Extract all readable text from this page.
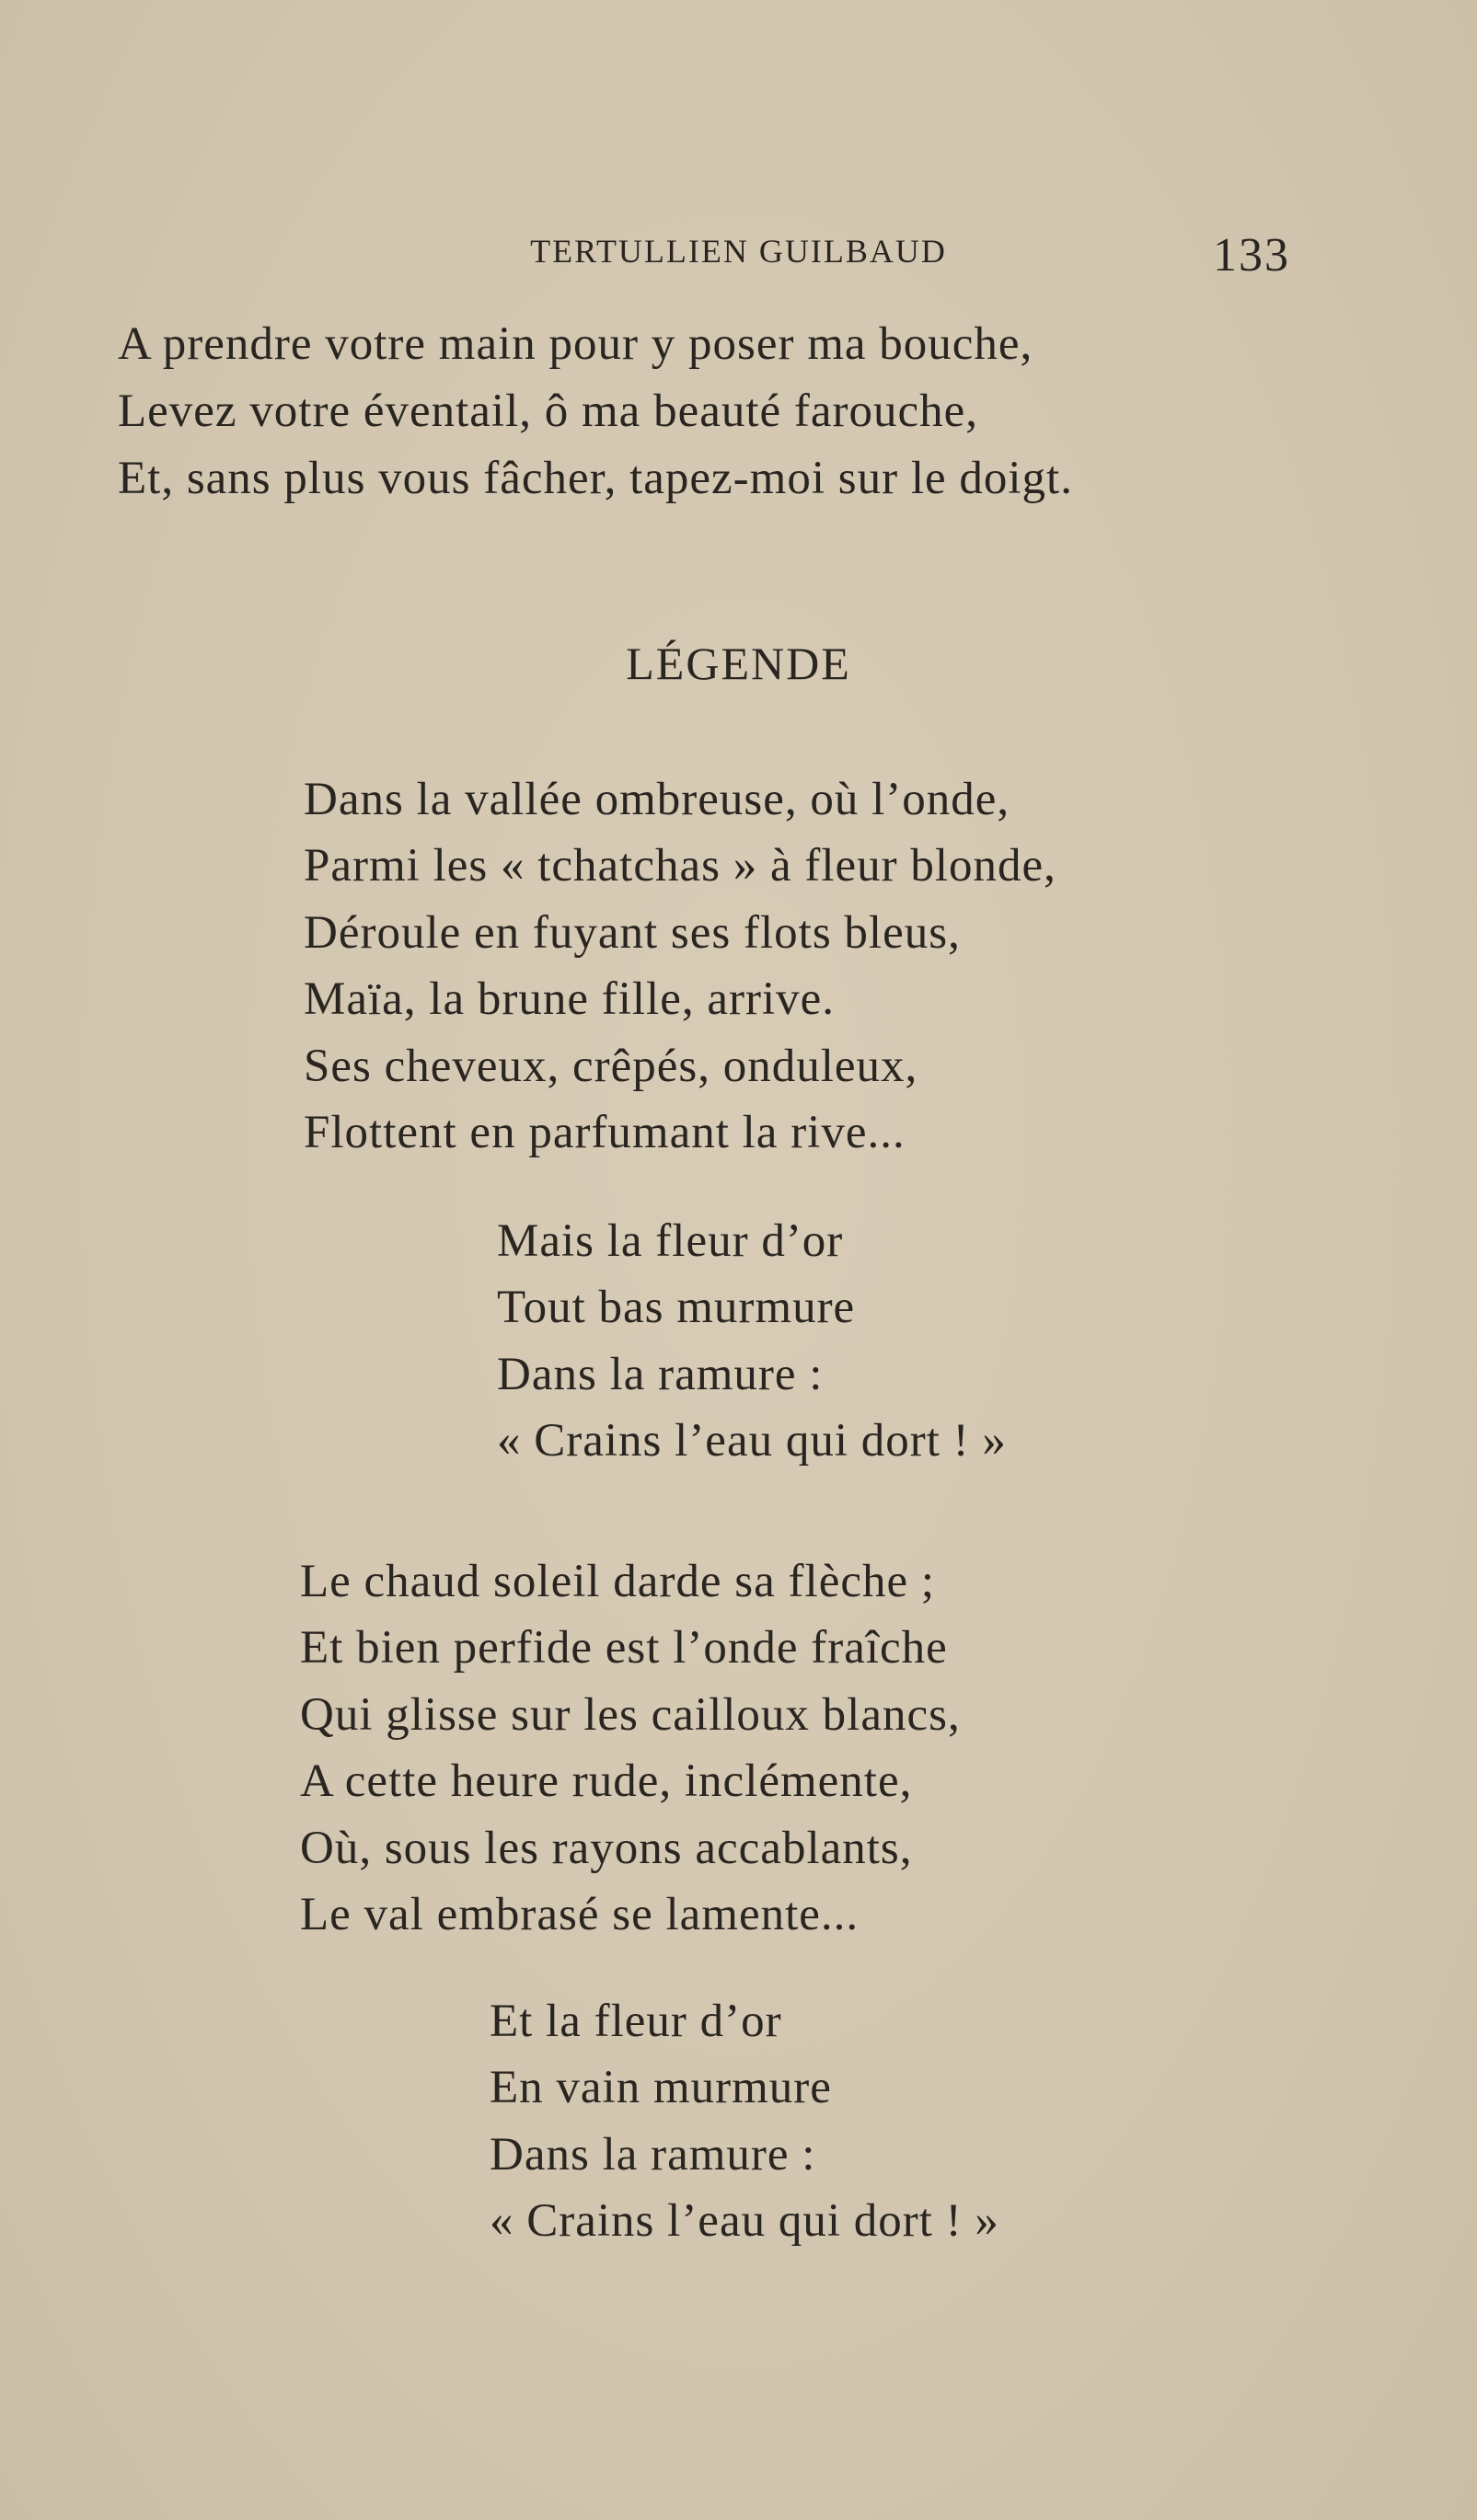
TERTULLIEN GUILBAUD	133
A prendre votre main pour y poser ma bouche,
Levez votre éventail, ô ma beauté farouche,
Et, sans plus vous fâcher, tapez-moi sur le doigt.
LÉGENDE
Dans la vallée ombreuse, où l’onde,
Parmi les « tchatchas » à fleur blonde,
Déroule en fuyant ses flots bleus,
Maïa, la brune fille, arrive.
Ses cheveux, crêpés, onduleux,
Flottent en parfumant la rive...
Mais la fleur d’or
Tout bas murmure
Dans la ramure :
« Crains l’eau qui dort ! »
Le chaud soleil darde sa flèche ;
Et bien perfide est l’onde fraîche
Qui glisse sur les cailloux blancs,
A cette heure rude, inclémente,
Où, sous les rayons accablants,
Le val embrasé se lamente...
Et la fleur d’or
En vain murmure
Dans la ramure :
« Crains l’eau qui dort ! »
